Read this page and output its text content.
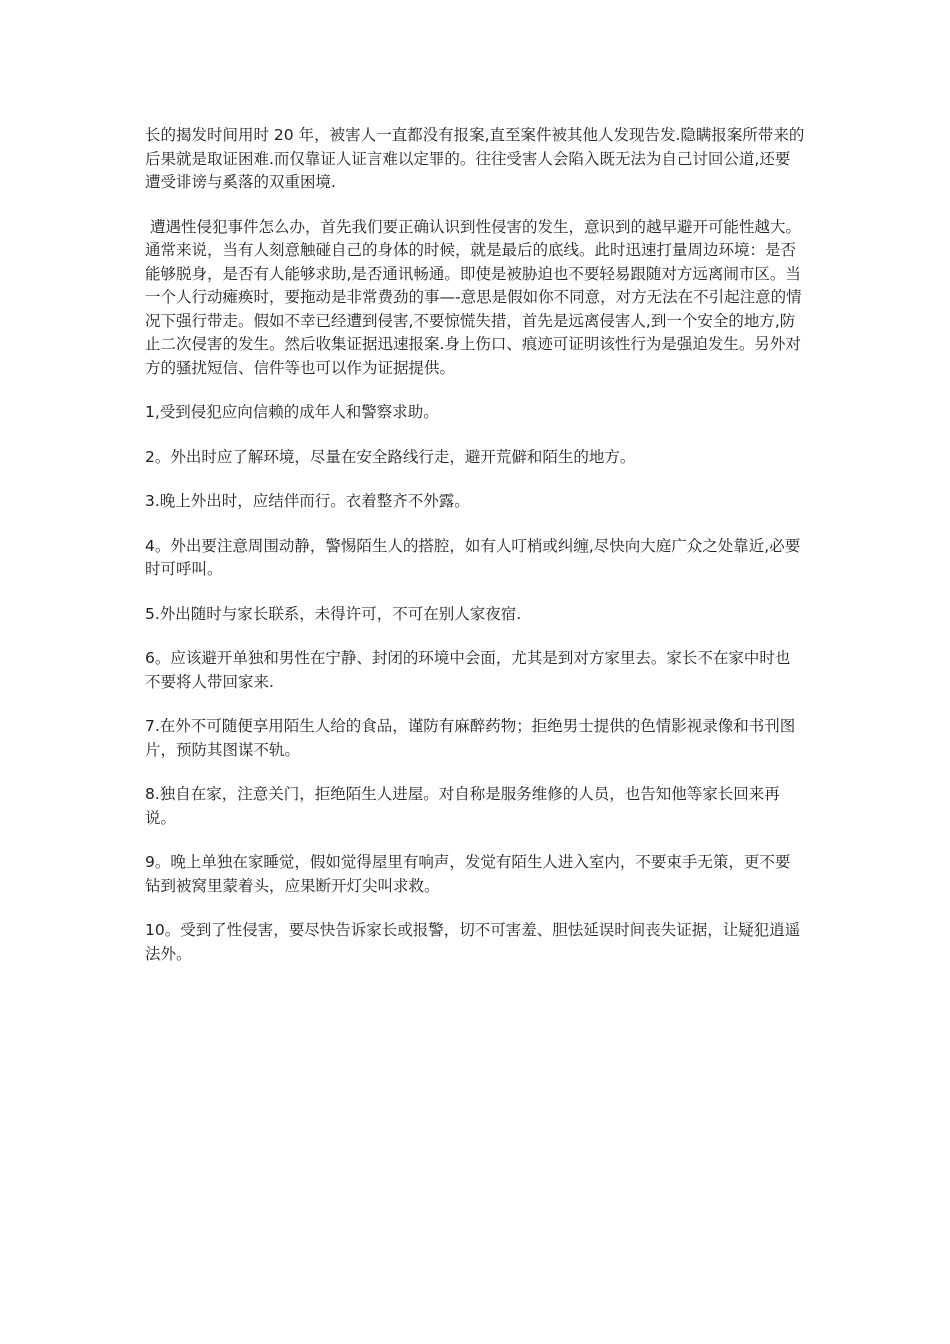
长的揭发时间用时 20 年，被害人一直都没有报案,直至案件被其他人发现告发.隐瞒报案所带来的后果就是取证困难.而仅靠证人证言难以定罪的。往往受害人会陷入既无法为自己讨回公道,还要遭受诽谤与奚落的双重困境.

遭遇性侵犯事件怎么办，首先我们要正确认识到性侵害的发生，意识到的越早避开可能性越大。通常来说，当有人刻意触碰自己的身体的时候，就是最后的底线。此时迅速打量周边环境：是否能够脱身，是否有人能够求助,是否通讯畅通。即使是被胁迫也不要轻易跟随对方远离闹市区。当一个人行动瘫痪时，要拖动是非常费劲的事—-意思是假如你不同意，对方无法在不引起注意的情况下强行带走。假如不幸已经遭到侵害,不要惊慌失措，首先是远离侵害人,到一个安全的地方,防止二次侵害的发生。然后收集证据迅速报案.身上伤口、痕迹可证明该性行为是强迫发生。另外对方的骚扰短信、信件等也可以作为证据提供。

1,受到侵犯应向信赖的成年人和警察求助。

2。外出时应了解环境，尽量在安全路线行走，避开荒僻和陌生的地方。

3.晚上外出时，应结伴而行。衣着整齐不外露。

4。外出要注意周围动静，警惕陌生人的搭腔，如有人叮梢或纠缠,尽快向大庭广众之处靠近,必要时可呼叫。

5.外出随时与家长联系，未得许可，不可在别人家夜宿.

6。应该避开单独和男性在宁静、封闭的环境中会面，尤其是到对方家里去。家长不在家中时也不要将人带回家来.

7.在外不可随便享用陌生人给的食品，谨防有麻醉药物；拒绝男士提供的色情影视录像和书刊图片，预防其图谋不轨。

8.独自在家，注意关门，拒绝陌生人进屋。对自称是服务维修的人员，也告知他等家长回来再说。

9。晚上单独在家睡觉，假如觉得屋里有响声，发觉有陌生人进入室内，不要束手无策，更不要钻到被窝里蒙着头，应果断开灯尖叫求救。

10。受到了性侵害，要尽快告诉家长或报警，切不可害羞、胆怯延误时间丧失证据，让疑犯逍遥法外。
